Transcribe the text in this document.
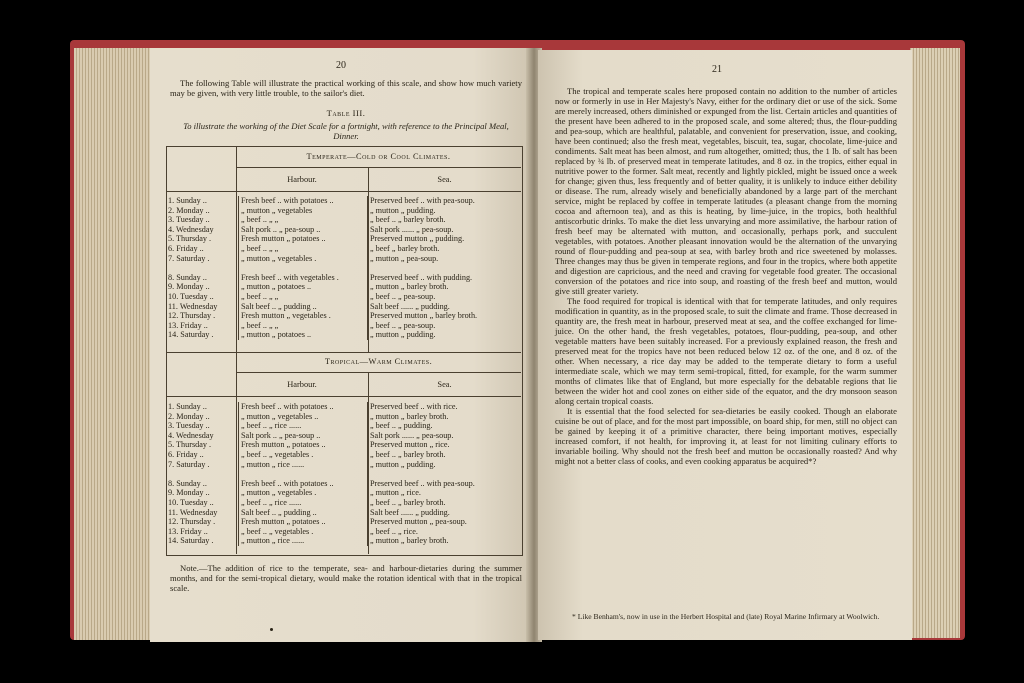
20
The following Table will illustrate the practical working of this scale, and show how much variety may be given, with very little trouble, to the sailor's diet.
Table III.
To illustrate the working of the Diet Scale for a fortnight, with reference to the Principal Meal, Dinner.
Temperate—Cold or Cool Climates.
Harbour.	Sea.
1. Sunday ..	Fresh beef .. with potatoes ..	Preserved beef .. with pea-soup.
2. Monday ..	„ mutton „ vegetables	„ mutton „ pudding.
3. Tuesday ..	„ beef .. „ „	„ beef .. „ barley broth.
4. Wednesday	Salt pork .. „ pea-soup ..	Salt pork ...... „ pea-soup.
5. Thursday .	Fresh mutton „ potatoes ..	Preserved mutton „ pudding.
6. Friday ..	„ beef .. „ „	„ beef „ barley broth.
7. Saturday .	„ mutton „ vegetables .	„ mutton „ pea-soup.

8. Sunday ..	Fresh beef .. with vegetables .	Preserved beef .. with pudding.
9. Monday ..	„ mutton „ potatoes ..	„ mutton „ barley broth.
10. Tuesday ..	„ beef .. „ „	„ beef .. „ pea-soup.
11. Wednesday	Salt beef .. „ pudding ..	Salt beef ...... „ pudding.
12. Thursday .	Fresh mutton „ vegetables .	Preserved mutton „ barley broth.
13. Friday ..	„ beef .. „ „	„ beef .. „ pea-soup.
14. Saturday .	„ mutton „ potatoes ..	„ mutton „ pudding.
Tropical—Warm Climates.
Harbour.	Sea.
1. Sunday ..	Fresh beef .. with potatoes ..	Preserved beef .. with rice.
2. Monday ..	„ mutton „ vegetables ..	„ mutton „ barley broth.
3. Tuesday ..	„ beef .. „ rice ......	„ beef .. „ pudding.
4. Wednesday	Salt pork .. „ pea-soup ..	Salt pork ...... „ pea-soup.
5. Thursday .	Fresh mutton „ potatoes ..	Preserved mutton „ rice.
6. Friday ..	„ beef .. „ vegetables .	„ beef .. „ barley broth.
7. Saturday .	„ mutton „ rice ......	„ mutton „ pudding.

8. Sunday ..	Fresh beef .. with potatoes ..	Preserved beef .. with pea-soup.
9. Monday ..	„ mutton „ vegetables .	„ mutton „ rice.
10. Tuesday ..	„ beef .. „ rice ......	„ beef .. „ barley broth.
11. Wednesday	Salt beef .. „ pudding ..	Salt beef ...... „ pudding.
12. Thursday .	Fresh mutton „ potatoes ..	Preserved mutton „ pea-soup.
13. Friday ..	„ beef .. „ vegetables .	„ beef .. „ rice.
14. Saturday .	„ mutton „ rice ......	„ mutton „ barley broth.
Note.—The addition of rice to the temperate, sea- and harbour-dietaries during the summer months, and for the semi-tropical dietary, would make the rotation identical with that in the tropical scale.
21

The tropical and temperate scales here proposed contain no addition to the number of articles now or formerly in use in Her Majesty's Navy, either for the ordinary diet or use of the sick. Some are merely increased, others diminished or expunged from the list. Certain articles and quantities of the present have been adhered to in the proposed scale, and some altered; thus, the flour-pudding and pea-soup, which are healthful, palatable, and convenient for preservation, issue, and cooking, have been continued; also the fresh meat, vegetables, biscuit, tea, sugar, chocolate, lime-juice and condiments. Salt meat has been almost, and rum altogether, omitted; thus, the 1 lb. of salt has been replaced by ¾ lb. of preserved meat in temperate latitudes, and 8 oz. in the tropics, either equal in nutritive power to the former. Salt meat, recently and lightly pickled, might be issued once a week for change; given thus, less frequently and of better quality, it is unlikely to induce either debility or disease. The rum, already wisely and beneficially abandoned by a large part of the merchant service, might be replaced by coffee in temperate latitudes (a pleasant change from the morning cocoa and afternoon tea), and as this is heating, by lime-juice, in the tropics, both healthful antiscorbutic drinks. To make the diet less unvarying and more assimilative, the harbour ration of fresh beef may be alternated with mutton, and occasionally, perhaps pork, and succulent vegetables, with potatoes. Another pleasant innovation would be the alternation of the unvarying round of flour-pudding and pea-soup at sea, with barley broth and rice sweetened by molasses. Three changes may thus be given in temperate regions, and four in the tropics, where both appetite and digestion are capricious, and the need and craving for vegetable food greater. The occasional conversion of the potatoes and rice into soup, and roasting of the fresh beef and mutton, would give still greater variety.

The food required for tropical is identical with that for temperate latitudes, and only requires modification in quantity, as in the proposed scale, to suit the climate and frame. Those decreased in quantity are, the fresh meat in harbour, preserved meat at sea, and the coffee exchanged for lime-juice. On the other hand, the fresh vegetables, potatoes, flour-pudding, pea-soup, and other vegetable matters have been suitably increased. For a previously explained reason, the fresh and preserved meat for the tropics have not been reduced below 12 oz. of the one, and 8 oz. of the other. When necessary, a rice day may be added to the temperate dietary to form a useful intermediate scale, which we may term semi-tropical, fitted, for example, for the warm summer months of climates like that of England, but more especially for the debatable regions that lie between the wider hot and cool zones on either side of the equator, and the dry monsoon season along certain tropical coasts.

It is essential that the food selected for sea-dietaries be easily cooked. Though an elaborate cuisine be out of place, and for the most part impossible, on board ship, for men, still no object can be gained by keeping it of a primitive character, there being important motives, especially increased comfort, if not health, for improving it, at least for not limiting culinary efforts to invariable boiling. Why should not the fresh beef and mutton be occasionally roasted? And why might not a better class of cooks, and even cooking apparatus be acquired*?

* Like Benham's, now in use in the Herbert Hospital and (late) Royal Marine Infirmary at Woolwich.
